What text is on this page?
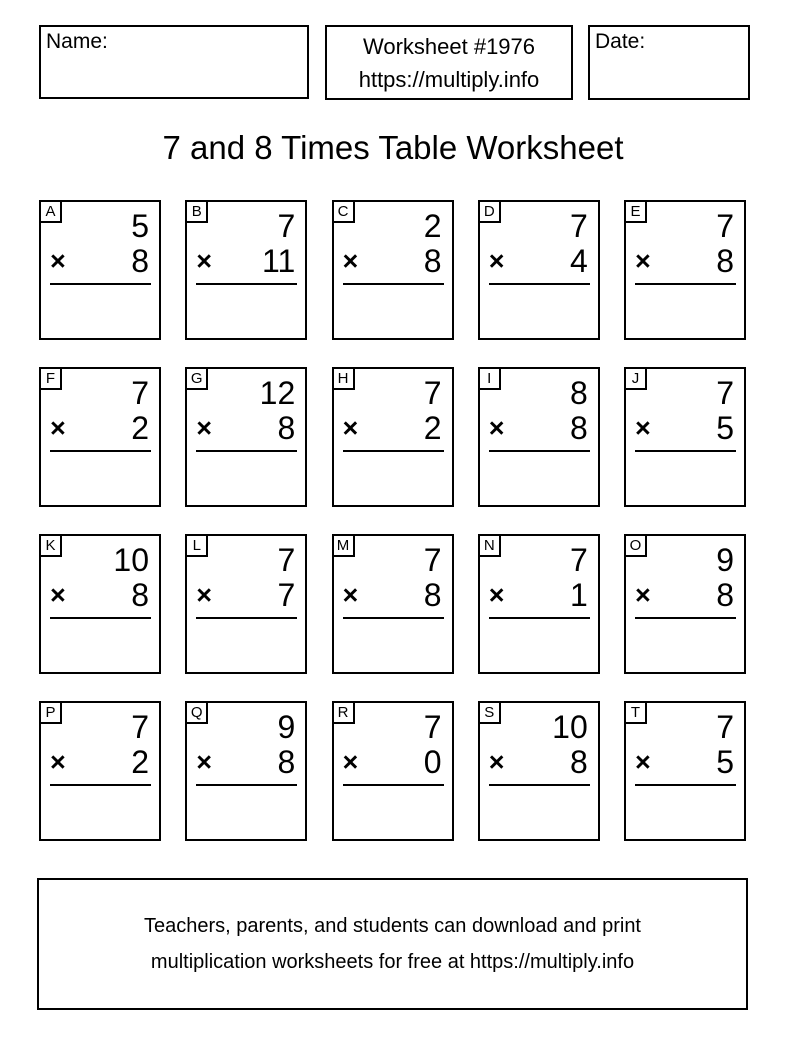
Name:	Worksheet #1976
https://multiply.info
Date:
7 and 8 Times Table Worksheet
A 5
× 8
B 7
× 11
C 2
× 8
D 7
× 4
E 7
× 8
F 7
× 2
G 12
× 8
H 7
× 2
I 8
× 8
J 7
× 5
K 10
× 8
L 7
× 7
M 7
× 8
N 7
× 1
O 9
× 8
P 7
× 2
Q 9
× 8
R 7
× 0
S 10
× 8
T 7
× 5
Teachers, parents, and students can download and print
multiplication worksheets for free at https://multiply.info
